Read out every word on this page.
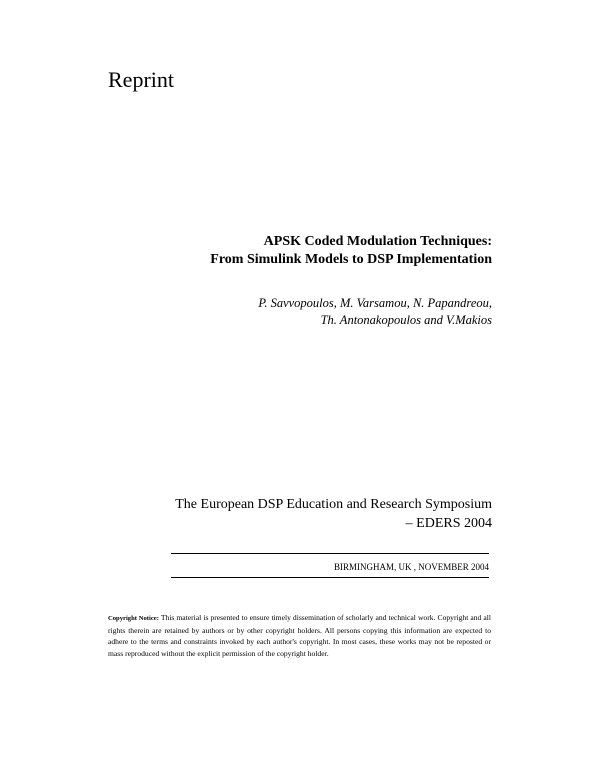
Reprint
APSK Coded Modulation Techniques:
From Simulink Models to DSP Implementation
P. Savvopoulos, M. Varsamou, N. Papandreou,
Th. Antonakopoulos and V.Makios
The European DSP Education and Research Symposium
– EDERS 2004
BIRMINGHAM, UK , NOVEMBER 2004
Copyright Notice: This material is presented to ensure timely dissemination of scholarly and technical work. Copyright and all rights therein are retained by authors or by other copyright holders. All persons copying this information are expected to adhere to the terms and constraints invoked by each author's copyright. In most cases, these works may not be reposted or mass reproduced without the explicit permission of the copyright holder.
